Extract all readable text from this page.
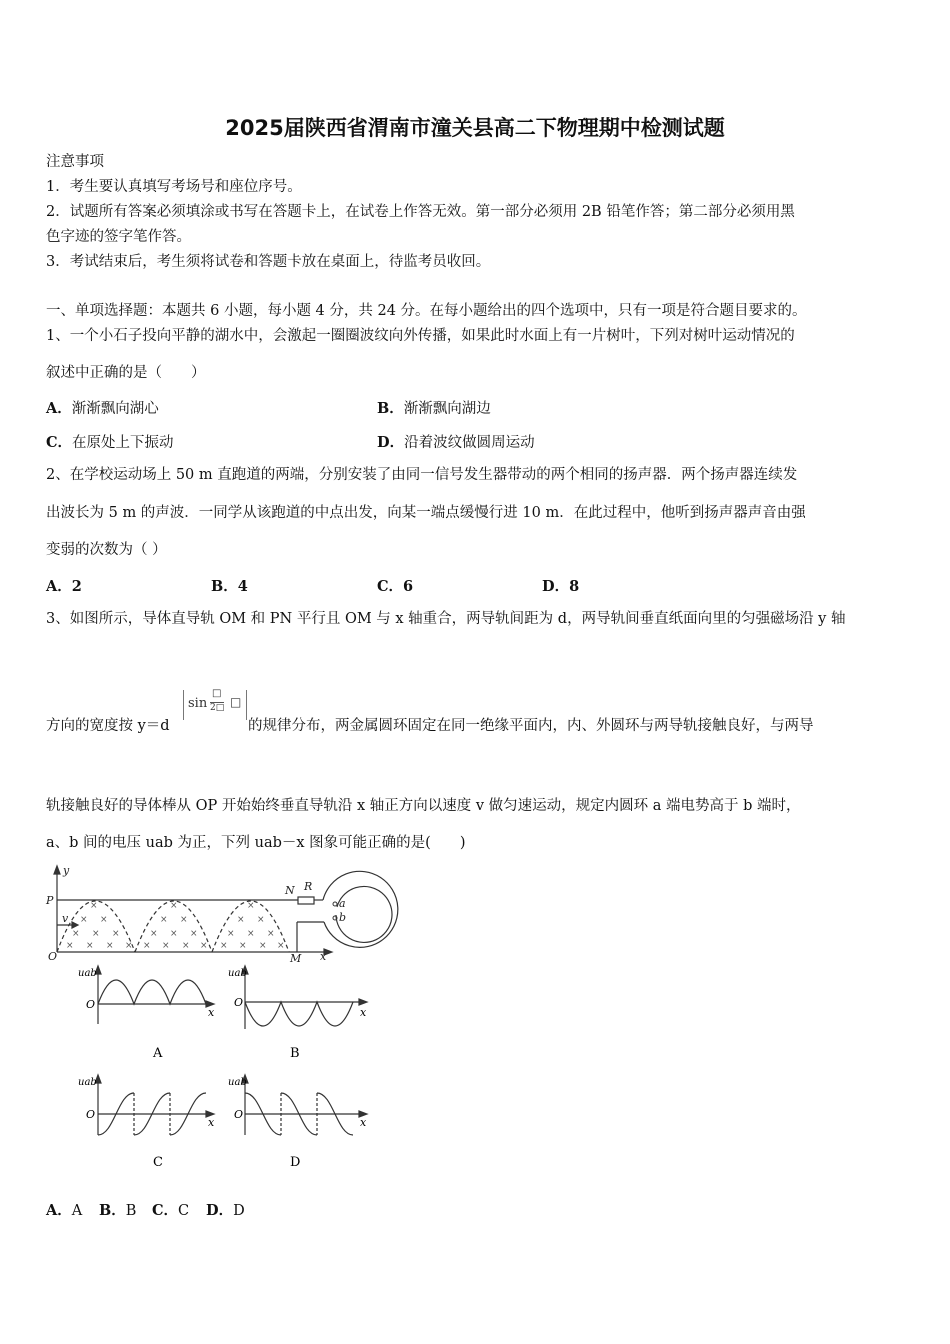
2025届陕西省渭南市潼关县高二下物理期中检测试题
注意事项
1．考生要认真填写考场号和座位序号。
2．试题所有答案必须填涂或书写在答题卡上，在试卷上作答无效。第一部分必须用 2B 铅笔作答；第二部分必须用黑
色字迹的签字笔作答。
3．考试结束后，考生须将试卷和答题卡放在桌面上，待监考员收回。
一、单项选择题：本题共 6 小题，每小题 4 分，共 24 分。在每小题给出的四个选项中，只有一项是符合题目要求的。
1、一个小石子投向平静的湖水中，会激起一圈圈波纹向外传播，如果此时水面上有一片树叶，下列对树叶运动情况的
叙述中正确的是（　　）
A．渐渐飘向湖心	B．渐渐飘向湖边
C．在原处上下振动	D．沿着波纹做圆周运动
2、在学校运动场上 50 m 直跑道的两端，分别安装了由同一信号发生器带动的两个相同的扬声器．两个扬声器连续发
出波长为 5 m 的声波．一同学从该跑道的中点出发，向某一端点缓慢行进 10 m．在此过程中，他听到扬声器声音由强
变弱的次数为（ ）
A．2	B．4	C．6	D．8
3、如图所示，导体直导轨 OM 和 PN 平行且 OM 与 x 轴重合，两导轨间距为 d，两导轨间垂直纸面向里的匀强磁场沿 y 轴
方向的宽度按 y＝d
sin
□
2□ □
的规律分布，两金属圆环固定在同一绝缘平面内，内、外圆环与两导轨接触良好，与两导
轨接触良好的导体棒从 OP 开始始终垂直导轨沿 x 轴正方向以速度 v 做匀速运动，规定内圆环 a 端电势高于 b 端时，
a、b 间的电压 uab 为正，下列 uab－x 图象可能正确的是(　　)
×
× ×
× × ×
× × × ×
×
× ×
× × ×
× × × ×
×
× ×
× × ×
× × × ×
y
P
v
O
N R
M x
a
b
uab
O
x
A
uab
O
x
B
uab
O
x
C
uab
O
x
D
A．A B．B C．C D．D
